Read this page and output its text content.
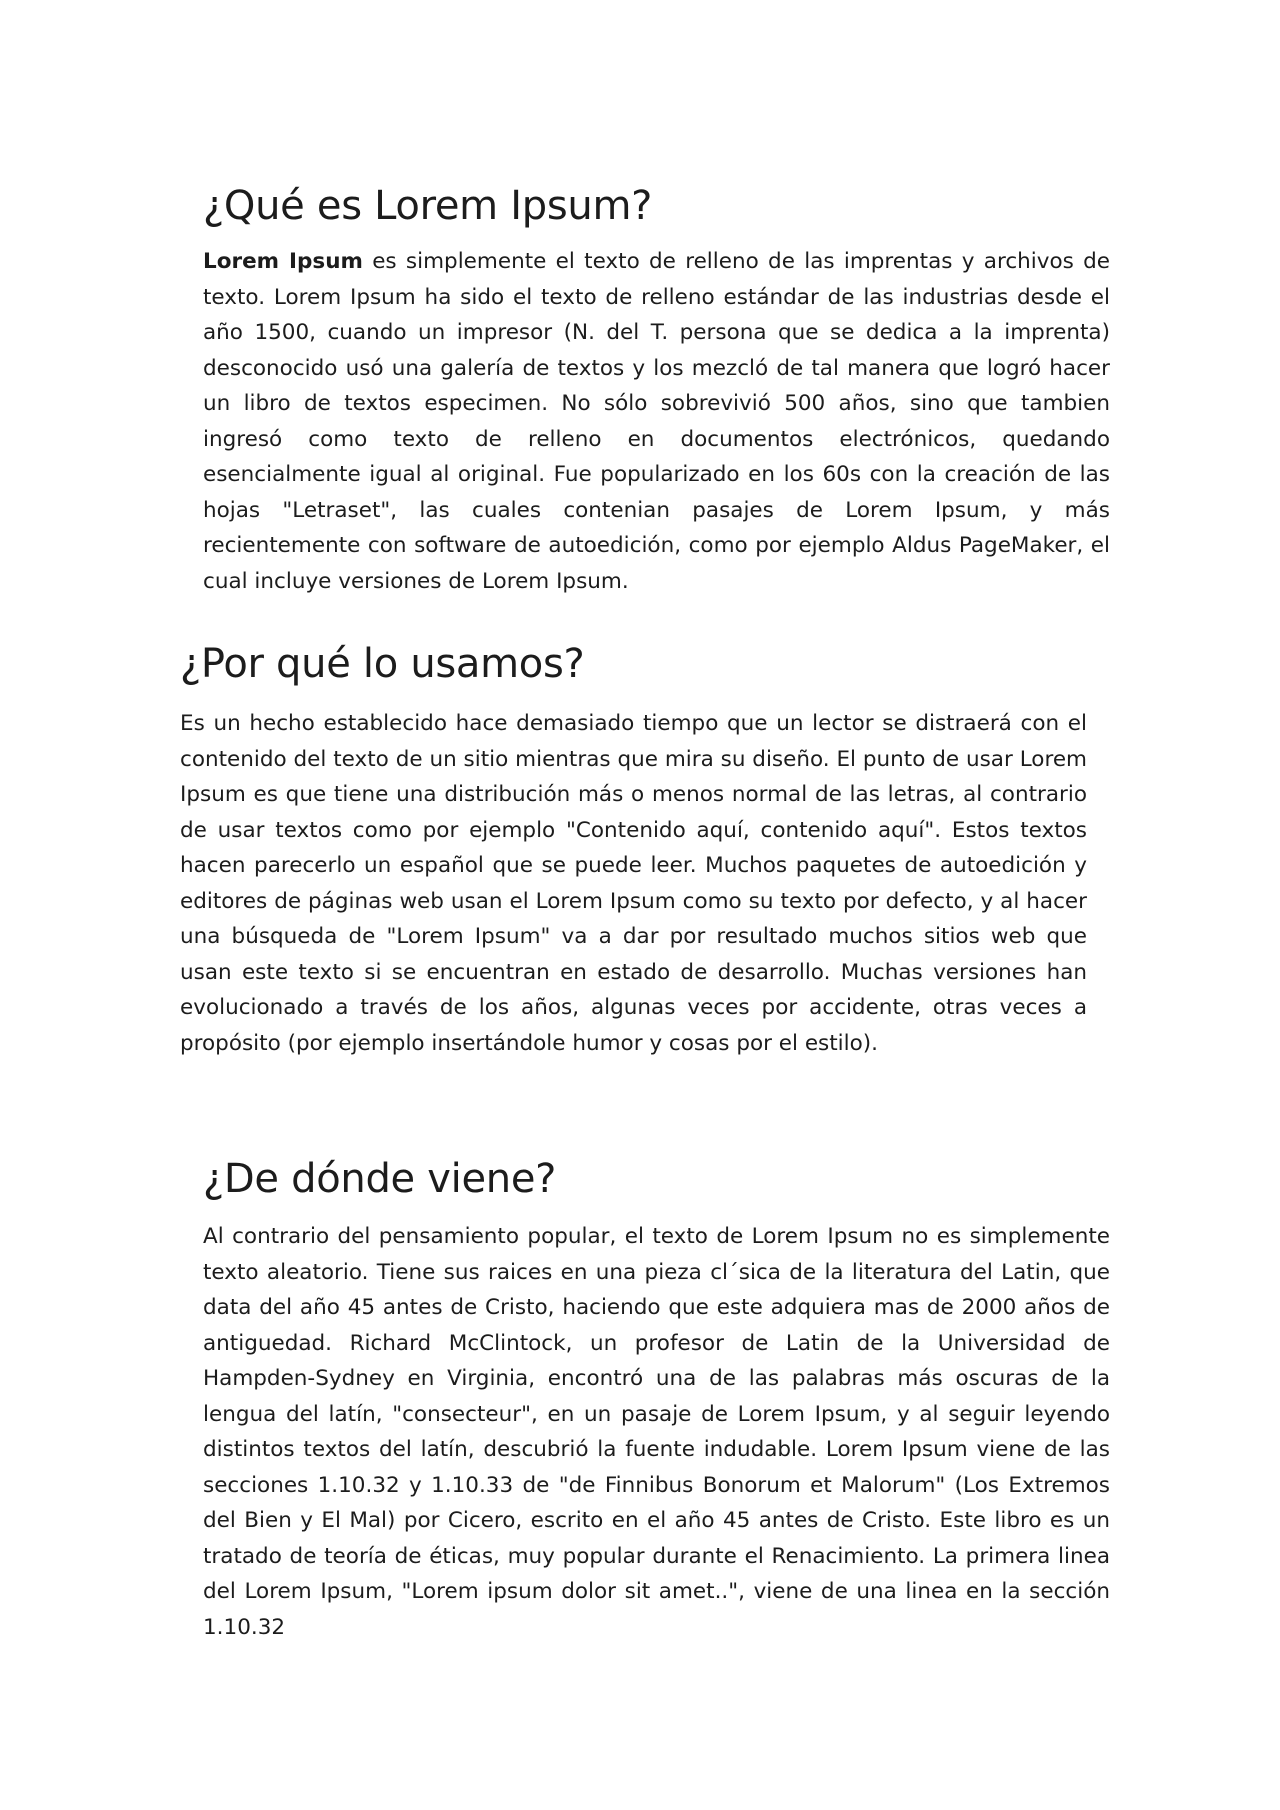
¿Qué es Lorem Ipsum?

Lorem Ipsum es simplemente el texto de relleno de las imprentas y archivos de texto. Lorem Ipsum ha sido el texto de relleno estándar de las industrias desde el año 1500, cuando un impresor (N. del T. persona que se dedica a la imprenta) desconocido usó una galería de textos y los mezcló de tal manera que logró hacer un libro de textos especimen. No sólo sobrevivió 500 años, sino que tambien ingresó como texto de relleno en documentos electrónicos, quedando esencialmente igual al original. Fue popularizado en los 60s con la creación de las hojas "Letraset", las cuales contenian pasajes de Lorem Ipsum, y más recientemente con software de autoedición, como por ejemplo Aldus PageMaker, el cual incluye versiones de Lorem Ipsum.

¿Por qué lo usamos?

Es un hecho establecido hace demasiado tiempo que un lector se distraerá con el contenido del texto de un sitio mientras que mira su diseño. El punto de usar Lorem Ipsum es que tiene una distribución más o menos normal de las letras, al contrario de usar textos como por ejemplo "Contenido aquí, contenido aquí". Estos textos hacen parecerlo un español que se puede leer. Muchos paquetes de autoedición y editores de páginas web usan el Lorem Ipsum como su texto por defecto, y al hacer una búsqueda de "Lorem Ipsum" va a dar por resultado muchos sitios web que usan este texto si se encuentran en estado de desarrollo. Muchas versiones han evolucionado a través de los años, algunas veces por accidente, otras veces a propósito (por ejemplo insertándole humor y cosas por el estilo).

¿De dónde viene?

Al contrario del pensamiento popular, el texto de Lorem Ipsum no es simplemente texto aleatorio. Tiene sus raices en una pieza cl´sica de la literatura del Latin, que data del año 45 antes de Cristo, haciendo que este adquiera mas de 2000 años de antiguedad. Richard McClintock, un profesor de Latin de la Universidad de Hampden-Sydney en Virginia, encontró una de las palabras más oscuras de la lengua del latín, "consecteur", en un pasaje de Lorem Ipsum, y al seguir leyendo distintos textos del latín, descubrió la fuente indudable. Lorem Ipsum viene de las secciones 1.10.32 y 1.10.33 de "de Finnibus Bonorum et Malorum" (Los Extremos del Bien y El Mal) por Cicero, escrito en el año 45 antes de Cristo. Este libro es un tratado de teoría de éticas, muy popular durante el Renacimiento. La primera linea del Lorem Ipsum, "Lorem ipsum dolor sit amet..", viene de una linea en la sección 1.10.32
